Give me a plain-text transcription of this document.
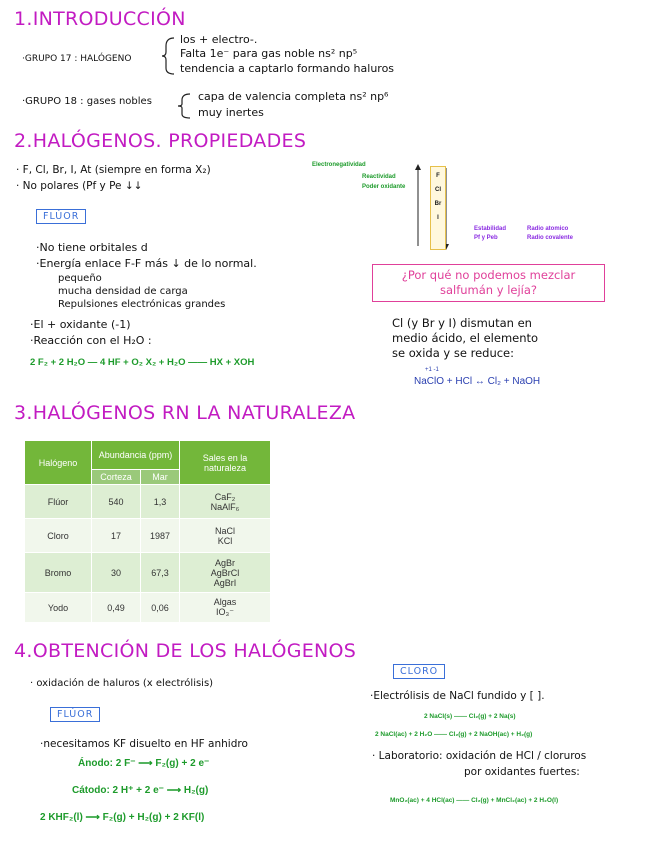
1.INTRODUCCIÓN
·GRUPO 17 : HALÓGENO
los + electro-.
Falta 1e⁻ para gas noble ns² np⁵
tendencia a captarlo formando haluros
·GRUPO 18 : gases nobles	capa de valencia completa ns² np⁶
muy inertes
2.HALÓGENOS. PROPIEDADES
· F, Cl, Br, I, At (siempre en forma X₂)
· No polares (Pf y Pe ↓↓
FLÚOR
·No tiene orbitales d
·Energía enlace F-F más ↓ de lo normal.
pequeño
mucha densidad de carga
Repulsiones electrónicas grandes
·El + oxidante (-1)
·Reacción con el H₂O :
2 F₂ + 2 H₂O — 4 HF + O₂ X₂ + H₂O —— HX + XOH
Electronegatividad
Reactividad
Poder oxidante
F
Cl
Br
I
Estabilidad
Pf y Peb
Radio atomico
Radio covalente
¿Por qué no podemos mezclar salfumán y lejía?
Cl (y Br y I) dismutan en
medio ácido, el elemento
se oxida y se reduce:
+1 -1
NaClO + HCl ↔ Cl₂ + NaOH
3.HALÓGENOS RN LA NATURALEZA
Halógeno	Abundancia (ppm)		Sales en la naturaleza
	Corteza	Mar	
Flúor	540	1,3	CaF₂
NaAlF₆

Cloro	17	1987	NaCl
KCl

Bromo	30	67,3	AgBr
AgBrCl
AgBrI

Yodo	0,49	0,06	Algas
IO₃⁻
4.OBTENCIÓN DE LOS HALÓGENOS
· oxidación de haluros (x electrólisis)
FLÚOR
·necesitamos KF disuelto en HF anhidro
Ánodo: 2 F⁻ ⟶ F₂(g) + 2 e⁻
Cátodo: 2 H⁺ + 2 e⁻ ⟶ H₂(g)
2 KHF₂(l) ⟶ F₂(g) + H₂(g) + 2 KF(l)
CLORO
·Electrólisis de NaCl fundido y [ ].
2 NaCl(s) —— Cl₂(g) + 2 Na(s)
2 NaCl(ac) + 2 H₂O —— Cl₂(g) + 2 NaOH(ac) + H₂(g)
· Laboratorio: oxidación de HCl / cloruros
por oxidantes fuertes:
MnO₂(ac) + 4 HCl(ac) —— Cl₂(g) + MnCl₂(ac) + 2 H₂O(l)
